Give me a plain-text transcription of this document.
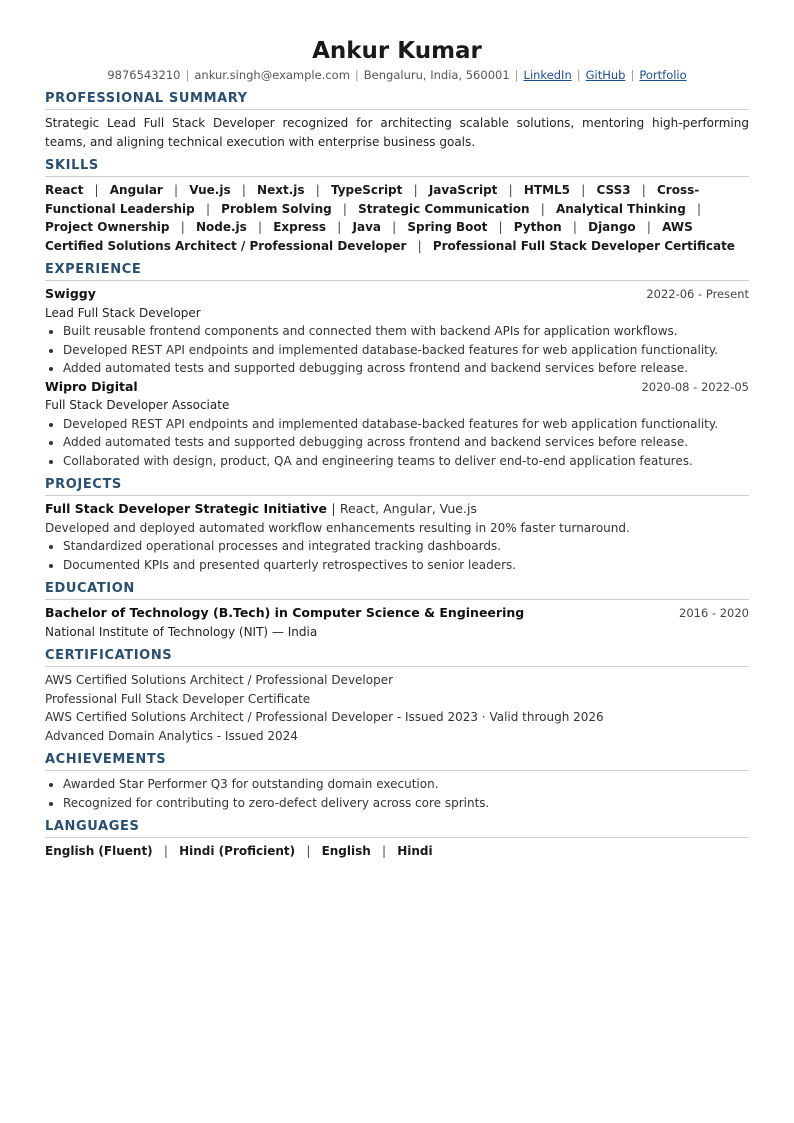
Ankur Kumar
9876543210 | ankur.singh@example.com | Bengaluru, India, 560001 | LinkedIn | GitHub | Portfolio
PROFESSIONAL SUMMARY

Strategic Lead Full Stack Developer recognized for architecting scalable solutions, mentoring high-performing teams, and aligning technical execution with enterprise business goals.

SKILLS
React | Angular | Vue.js | Next.js | TypeScript | JavaScript | HTML5 | CSS3 | Cross-Functional Leadership | Problem Solving | Strategic Communication | Analytical Thinking | Project Ownership | Node.js | Express | Java | Spring Boot | Python | Django | AWS Certified Solutions Architect / Professional Developer | Professional Full Stack Developer Certificate
EXPERIENCE
Swiggy	2022-06 - Present
Lead Full Stack Developer
• Built reusable frontend components and connected them with backend APIs for application workflows.
• Developed REST API endpoints and implemented database-backed features for web application functionality.
• Added automated tests and supported debugging across frontend and backend services before release.
Wipro Digital	2020-08 - 2022-05
Full Stack Developer Associate
• Developed REST API endpoints and implemented database-backed features for web application functionality.
• Added automated tests and supported debugging across frontend and backend services before release.
• Collaborated with design, product, QA and engineering teams to deliver end-to-end application features.
PROJECTS
Full Stack Developer Strategic Initiative | React, Angular, Vue.js
Developed and deployed automated workflow enhancements resulting in 20% faster turnaround.
• Standardized operational processes and integrated tracking dashboards.
• Documented KPIs and presented quarterly retrospectives to senior leaders.
EDUCATION
Bachelor of Technology (B.Tech) in Computer Science & Engineering	2016 - 2020
National Institute of Technology (NIT) — India
CERTIFICATIONS
AWS Certified Solutions Architect / Professional Developer
Professional Full Stack Developer Certificate
AWS Certified Solutions Architect / Professional Developer - Issued 2023 · Valid through 2026
Advanced Domain Analytics - Issued 2024
ACHIEVEMENTS
• Awarded Star Performer Q3 for outstanding domain execution.
• Recognized for contributing to zero-defect delivery across core sprints.
LANGUAGES
English (Fluent) | Hindi (Proficient) | English | Hindi
